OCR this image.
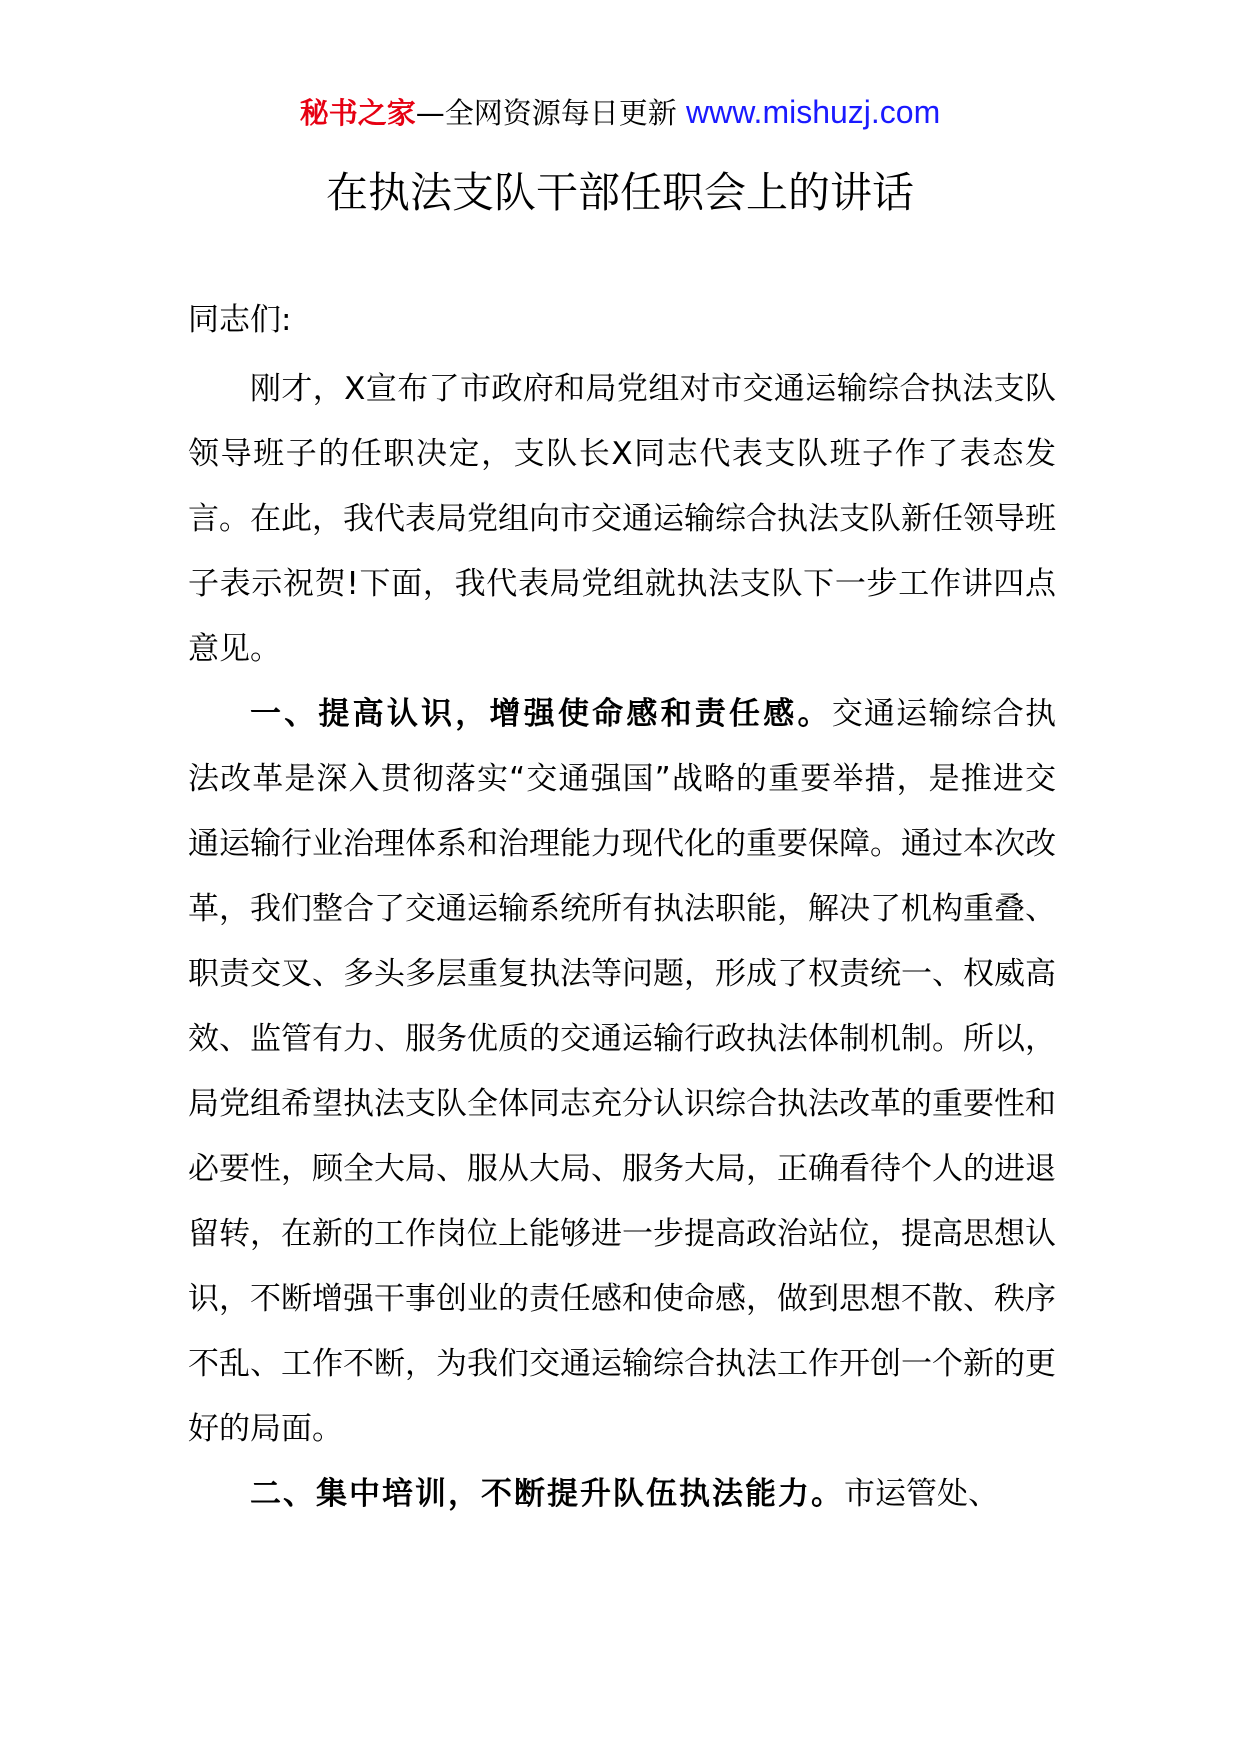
秘书之家—全网资源每日更新 www.mishuzj.com
在执法支队干部任职会上的讲话

同志们:

刚才，X宣布了市政府和局党组对市交通运输综合执法支队领导班子的任职决定，支队长X同志代表支队班子作了表态发言。在此，我代表局党组向市交通运输综合执法支队新任领导班子表示祝贺!下面，我代表局党组就执法支队下一步工作讲四点意见。

一、提高认识，增强使命感和责任感。交通运输综合执法改革是深入贯彻落实“交通强国”战略的重要举措，是推进交通运输行业治理体系和治理能力现代化的重要保障。通过本次改革，我们整合了交通运输系统所有执法职能，解决了机构重叠、职责交叉、多头多层重复执法等问题，形成了权责统一、权威高效、监管有力、服务优质的交通运输行政执法体制机制。所以，局党组希望执法支队全体同志充分认识综合执法改革的重要性和必要性，顾全大局、服从大局、服务大局，正确看待个人的进退留转，在新的工作岗位上能够进一步提高政治站位，提高思想认识，不断增强干事创业的责任感和使命感，做到思想不散、秩序不乱、工作不断，为我们交通运输综合执法工作开创一个新的更好的局面。

二、集中培训，不断提升队伍执法能力。市运管处、
